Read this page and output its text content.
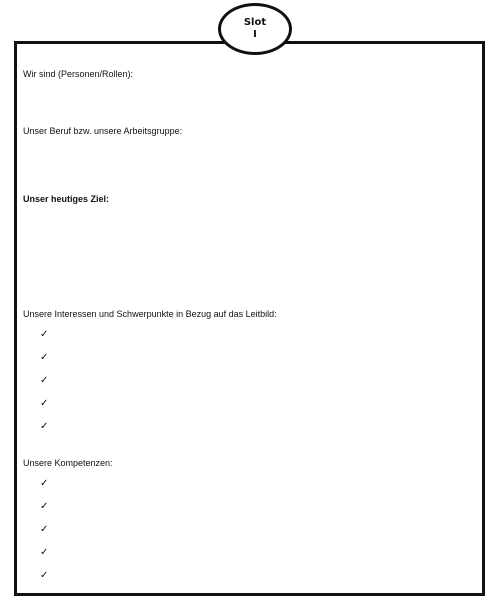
Slot
I
Wir sind (Personen/Rollen):
Unser Beruf bzw. unsere Arbeitsgruppe:
Unser heutiges Ziel:
Unsere Interessen und Schwerpunkte in Bezug auf das Leitbild:
✓
✓
✓
✓
✓
Unsere Kompetenzen:
✓
✓
✓
✓
✓
